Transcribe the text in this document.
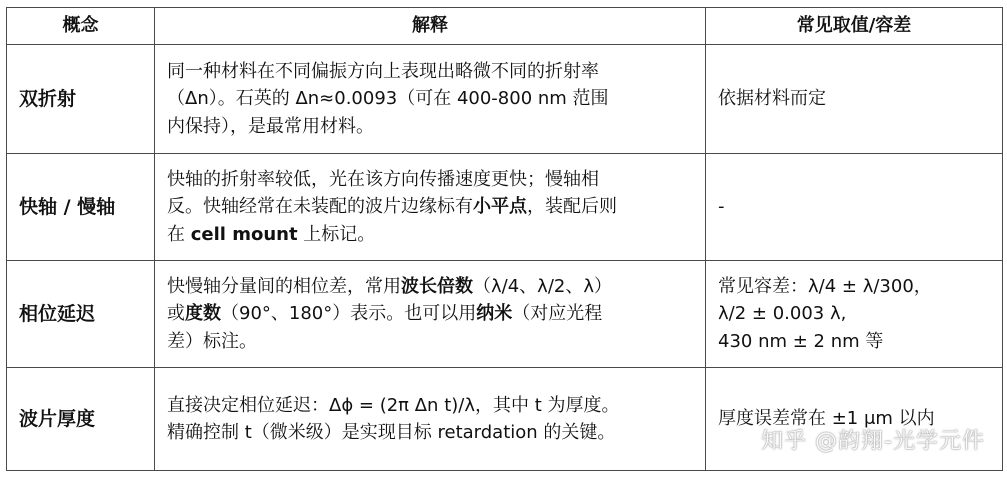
概念	解释	常见取值/容差
双折射	同一种材料在不同偏振方向上表现出略微不同的折射率
（Δn）。石英的 Δn≈0.0093（可在 400-800 nm 范围
内保持），是最常用材料。	依据材料而定

快轴 / 慢轴	快轴的折射率较低，光在该方向传播速度更快；慢轴相
反。快轴经常在未装配的波片边缘标有小平点，装配后则
在 cell mount 上标记。	-

相位延迟	快慢轴分量间的相位差，常用波长倍数（λ/4、λ/2、λ）
或度数（90°、180°）表示。也可以用纳米（对应光程
差）标注。	常见容差：λ/4 ± λ/300，
λ/2 ± 0.003 λ,
430 nm ± 2 nm 等

波片厚度	直接决定相位延迟：Δϕ = (2π Δn t)/λ，其中 t 为厚度。
精确控制 t（微米级）是实现目标 retardation 的关键。	厚度误差常在 ±1 μm 以内
知乎 @韵翔-光学元件
